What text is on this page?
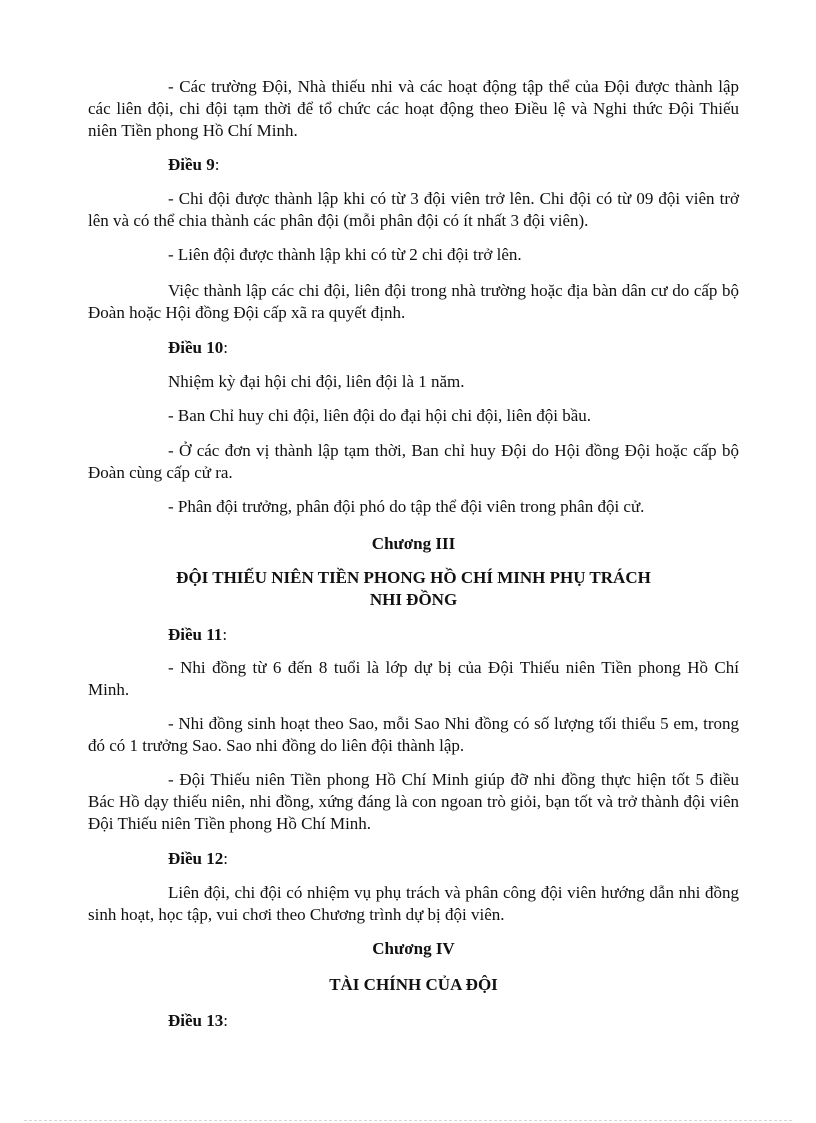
- Các trường Đội, Nhà thiếu nhi và các hoạt động tập thể của Đội được thành lập các liên đội, chi đội tạm thời để tổ chức các hoạt động theo Điều lệ và Nghi thức Đội Thiếu niên Tiền phong Hồ Chí Minh.

Điều 9:

- Chi đội được thành lập khi có từ 3 đội viên trở lên. Chi đội có từ 09 đội viên trở lên và có thể chia thành các phân đội (mỗi phân đội có ít nhất 3 đội viên).

- Liên đội được thành lập khi có từ 2 chi đội trở lên.

Việc thành lập các chi đội, liên đội trong nhà trường hoặc địa bàn dân cư do cấp bộ Đoàn hoặc Hội đồng Đội cấp xã ra quyết định.

Điều 10:

Nhiệm kỳ đại hội chi đội, liên đội là 1 năm.

- Ban Chỉ huy chi đội, liên đội do đại hội chi đội, liên đội bầu.

- Ở các đơn vị thành lập tạm thời, Ban chỉ huy Đội do Hội đồng Đội hoặc cấp bộ Đoàn cùng cấp cử ra.

- Phân đội trưởng, phân đội phó do tập thể đội viên trong phân đội cử.

Chương III

ĐỘI THIẾU NIÊN TIỀN PHONG HỒ CHÍ MINH PHỤ TRÁCH
NHI ĐỒNG

Điều 11:

- Nhi đồng từ 6 đến 8 tuổi là lớp dự bị của Đội Thiếu niên Tiền phong Hồ Chí Minh.

- Nhi đồng sinh hoạt theo Sao, mỗi Sao Nhi đồng có số lượng tối thiểu 5 em, trong đó có 1 trưởng Sao. Sao nhi đồng do liên đội thành lập.

- Đội Thiếu niên Tiền phong Hồ Chí Minh giúp đỡ nhi đồng thực hiện tốt 5 điều Bác Hồ dạy thiếu niên, nhi đồng, xứng đáng là con ngoan trò giỏi, bạn tốt và trở thành đội viên Đội Thiếu niên Tiền phong Hồ Chí Minh.

Điều 12:

Liên đội, chi đội có nhiệm vụ phụ trách và phân công đội viên hướng dẫn nhi đồng sinh hoạt, học tập, vui chơi theo Chương trình dự bị đội viên.

Chương IV

TÀI CHÍNH CỦA ĐỘI

Điều 13:
